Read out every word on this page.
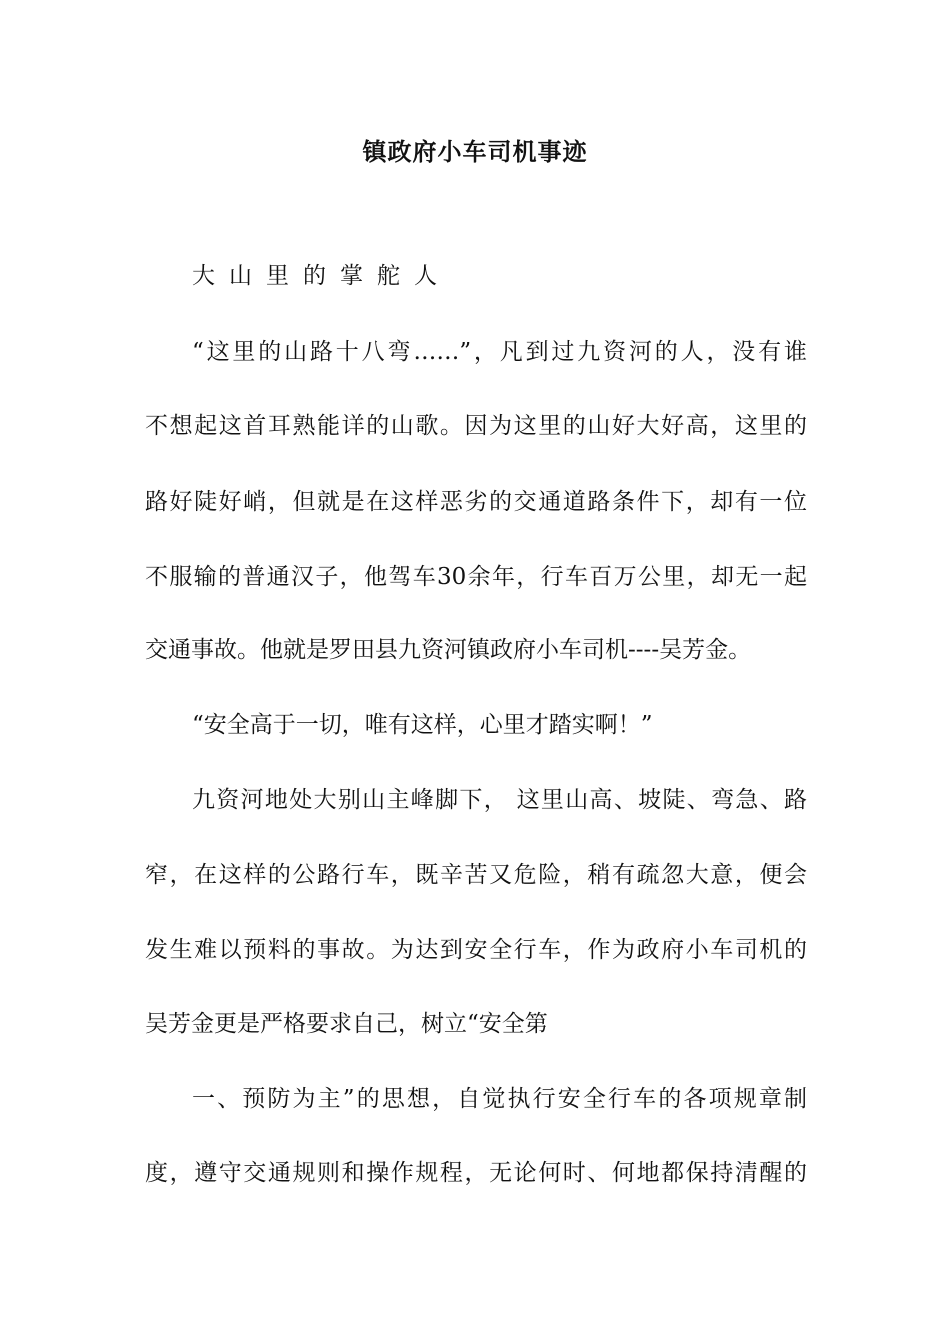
镇政府小车司机事迹
大山里的掌舵人
“这里的山路十八弯……”，凡到过九资河的人，没有谁
不想起这首耳熟能详的山歌。因为这里的山好大好高，这里的
路好陡好峭，但就是在这样恶劣的交通道路条件下，却有一位
不服输的普通汉子，他驾车30余年，行车百万公里，却无一起
交通事故。他就是罗田县九资河镇政府小车司机----吴芳金。
“安全高于一切，唯有这样，心里才踏实啊！”
九资河地处大别山主峰脚下， 这里山高、坡陡、弯急、路
窄，在这样的公路行车，既辛苦又危险，稍有疏忽大意，便会
发生难以预料的事故。为达到安全行车，作为政府小车司机的
吴芳金更是严格要求自己，树立“安全第
一、预防为主”的思想，自觉执行安全行车的各项规章制
度，遵守交通规则和操作规程，无论何时、何地都保持清醒的
